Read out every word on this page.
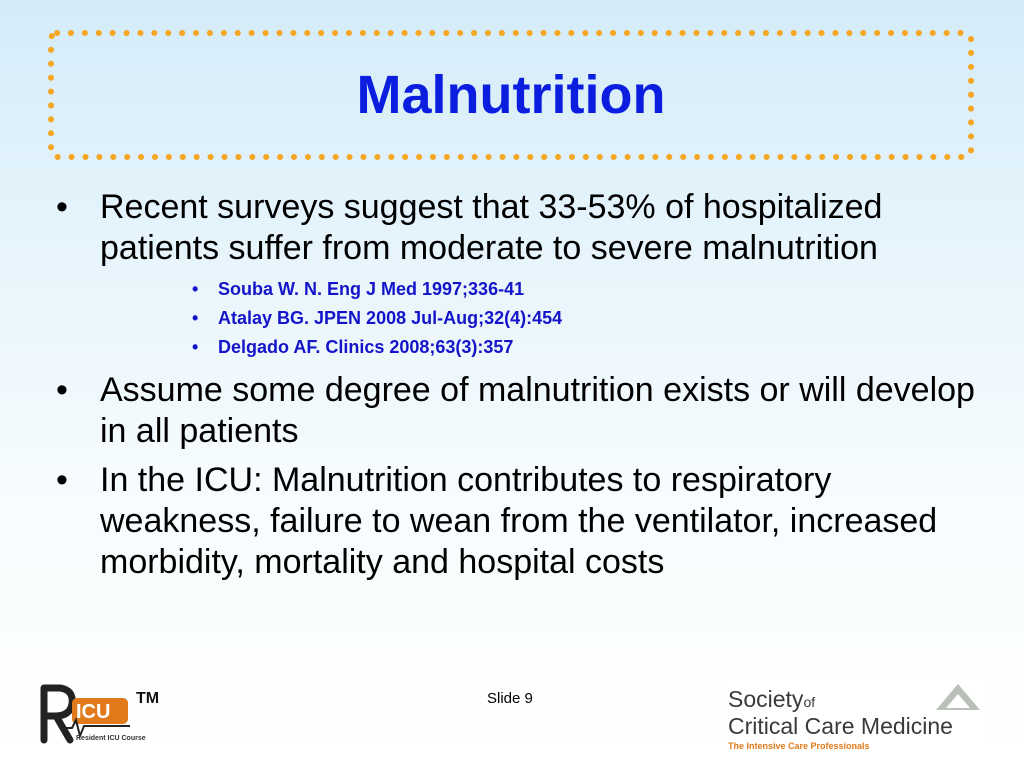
Malnutrition
• Recent surveys suggest that 33-53% of hospitalized patients suffer from moderate to severe malnutrition
• Souba W. N. Eng J Med 1997;336-41
• Atalay BG. JPEN 2008 Jul-Aug;32(4):454
• Delgado AF. Clinics 2008;63(3):357
• Assume some degree of malnutrition exists or will develop in all patients
• In the ICU: Malnutrition contributes to respiratory weakness, failure to wean from the ventilator, increased morbidity, mortality and hospital costs
Slide 9
ICU
TM
Resident ICU Course
Societyof
Critical Care Medicine
The Intensive Care Professionals
